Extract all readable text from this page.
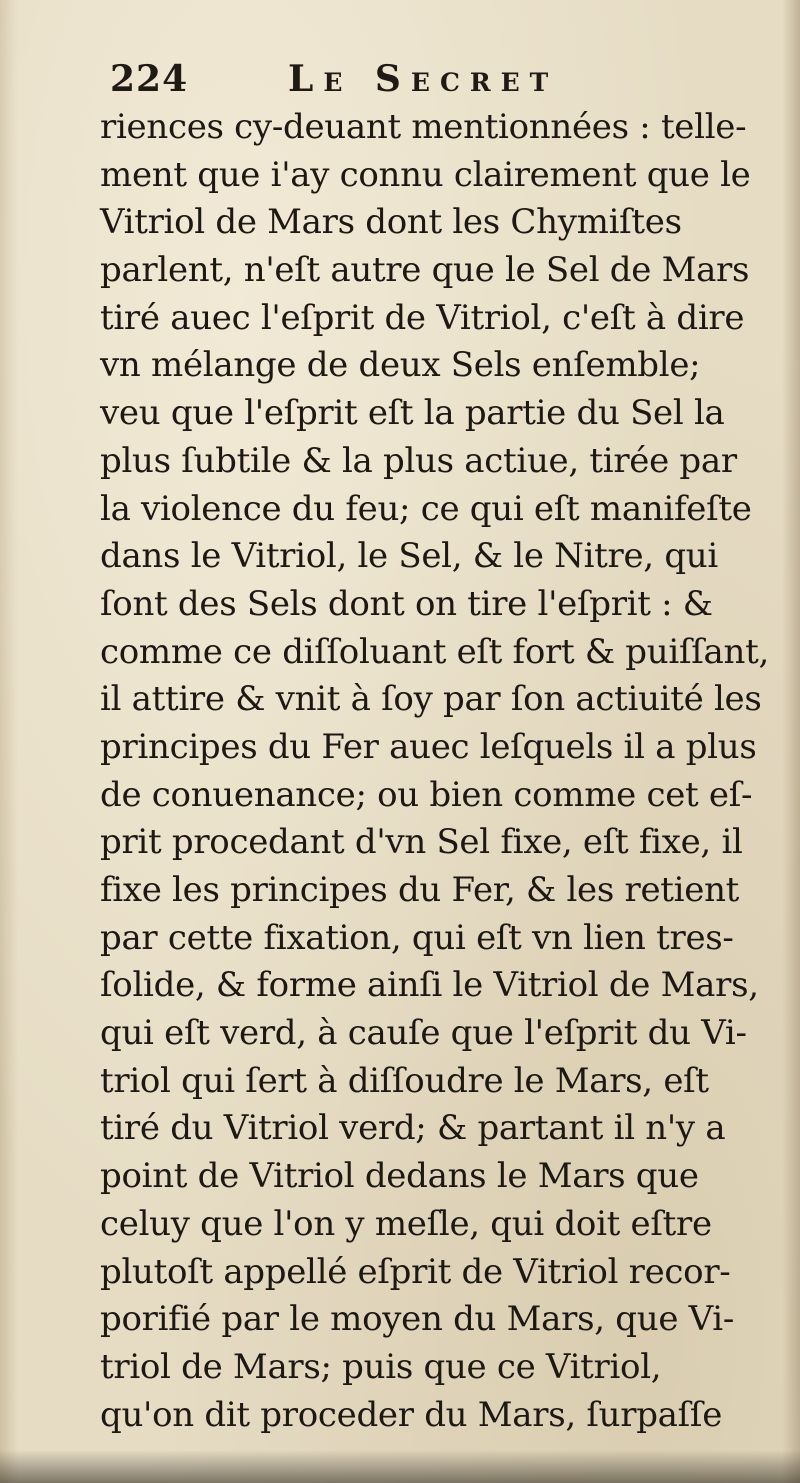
224	Le Secret
riences cy-deuant mentionnées : telle-
ment que i'ay connu clairement que le
Vitriol de Mars dont les Chymiſtes
parlent, n'eſt autre que le Sel de Mars
tiré auec l'eſprit de Vitriol, c'eſt à dire
vn mélange de deux Sels enſemble;
veu que l'eſprit eſt la partie du Sel la
plus ſubtile & la plus actiue, tirée par
la violence du feu; ce qui eſt manifeſte
dans le Vitriol, le Sel, & le Nitre, qui
ſont des Sels dont on tire l'eſprit : &
comme ce diſſoluant eſt fort & puiſſant,
il attire & vnit à ſoy par ſon actiuité les
principes du Fer auec leſquels il a plus
de conuenance; ou bien comme cet eſ-
prit procedant d'vn Sel fixe, eſt fixe, il
fixe les principes du Fer, & les retient
par cette fixation, qui eſt vn lien tres-
ſolide, & forme ainſi le Vitriol de Mars,
qui eſt verd, à cauſe que l'eſprit du Vi-
triol qui ſert à diſſoudre le Mars, eſt
tiré du Vitriol verd; & partant il n'y a
point de Vitriol dedans le Mars que
celuy que l'on y meſle, qui doit eſtre
plutoſt appellé eſprit de Vitriol recor-
porifié par le moyen du Mars, que Vi-
triol de Mars; puis que ce Vitriol,
qu'on dit proceder du Mars, ſurpaſſe
